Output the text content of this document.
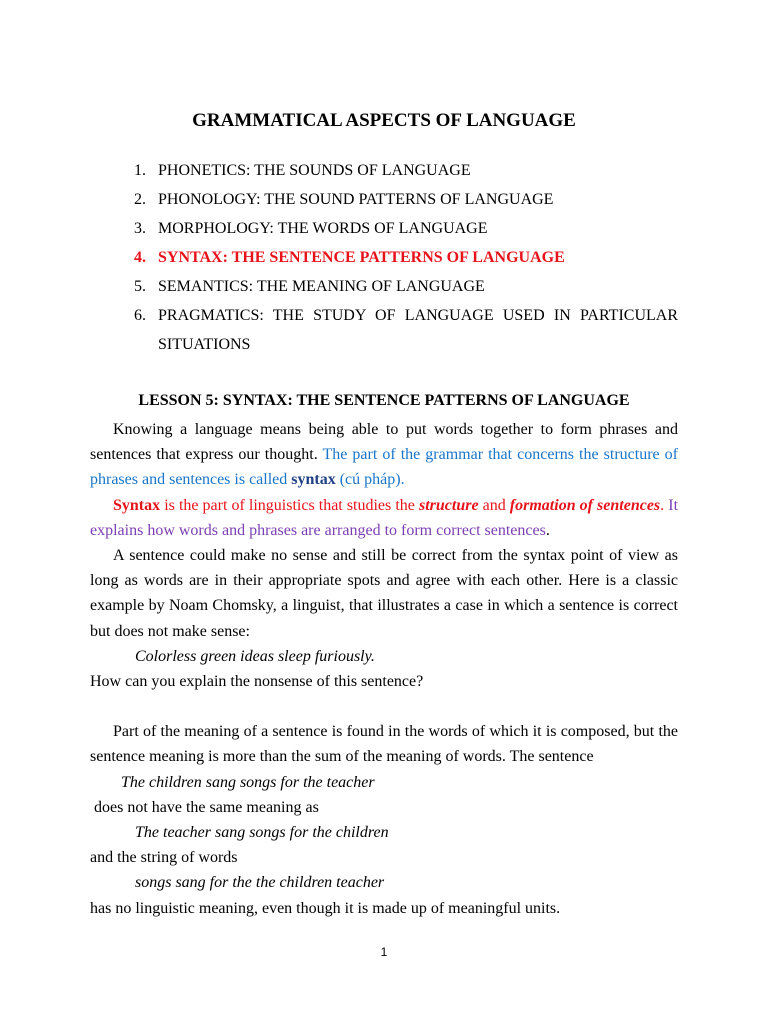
GRAMMATICAL ASPECTS OF LANGUAGE
1. PHONETICS: THE SOUNDS OF LANGUAGE
2. PHONOLOGY: THE SOUND PATTERNS OF LANGUAGE
3. MORPHOLOGY: THE WORDS OF LANGUAGE
4. SYNTAX: THE SENTENCE PATTERNS OF LANGUAGE
5. SEMANTICS: THE MEANING OF LANGUAGE
6. PRAGMATICS: THE STUDY OF LANGUAGE USED IN PARTICULAR SITUATIONS
LESSON 5: SYNTAX: THE SENTENCE PATTERNS OF LANGUAGE

Knowing a language means being able to put words together to form phrases and sentences that express our thought. The part of the grammar that concerns the structure of phrases and sentences is called syntax (cú pháp).

Syntax is the part of linguistics that studies the structure and formation of sentences. It explains how words and phrases are arranged to form correct sentences.

A sentence could make no sense and still be correct from the syntax point of view as long as words are in their appropriate spots and agree with each other. Here is a classic example by Noam Chomsky, a linguist, that illustrates a case in which a sentence is correct but does not make sense:

Colorless green ideas sleep furiously.

How can you explain the nonsense of this sentence?

Part of the meaning of a sentence is found in the words of which it is composed, but the sentence meaning is more than the sum of the meaning of words. The sentence

The children sang songs for the teacher

does not have the same meaning as

The teacher sang songs for the children

and the string of words

songs sang for the the children teacher

has no linguistic meaning, even though it is made up of meaningful units.

1
